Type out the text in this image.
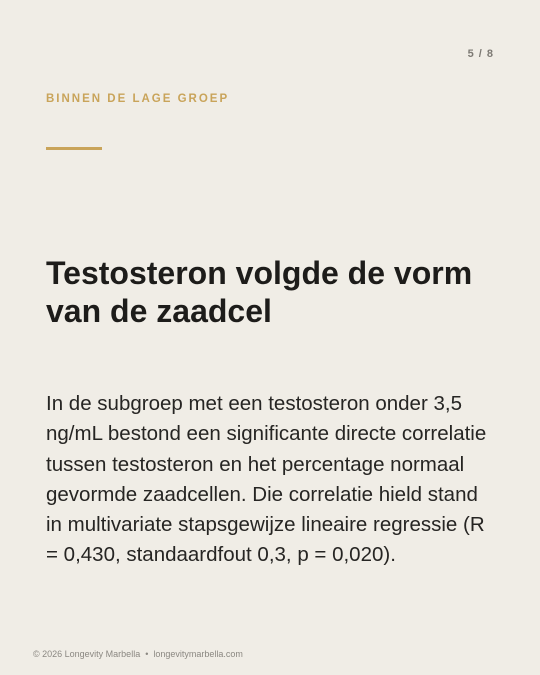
5 / 8
BINNEN DE LAGE GROEP
Testosteron volgde de vorm van de zaadcel

In de subgroep met een testosteron onder 3,5 ng/mL bestond een significante directe correlatie tussen testosteron en het percentage normaal gevormde zaadcellen. Die correlatie hield stand in multivariate stapsgewijze lineaire regressie (R = 0,430, standaardfout 0,3, p = 0,020).

© 2026 Longevity Marbella • longevitymarbella.com
